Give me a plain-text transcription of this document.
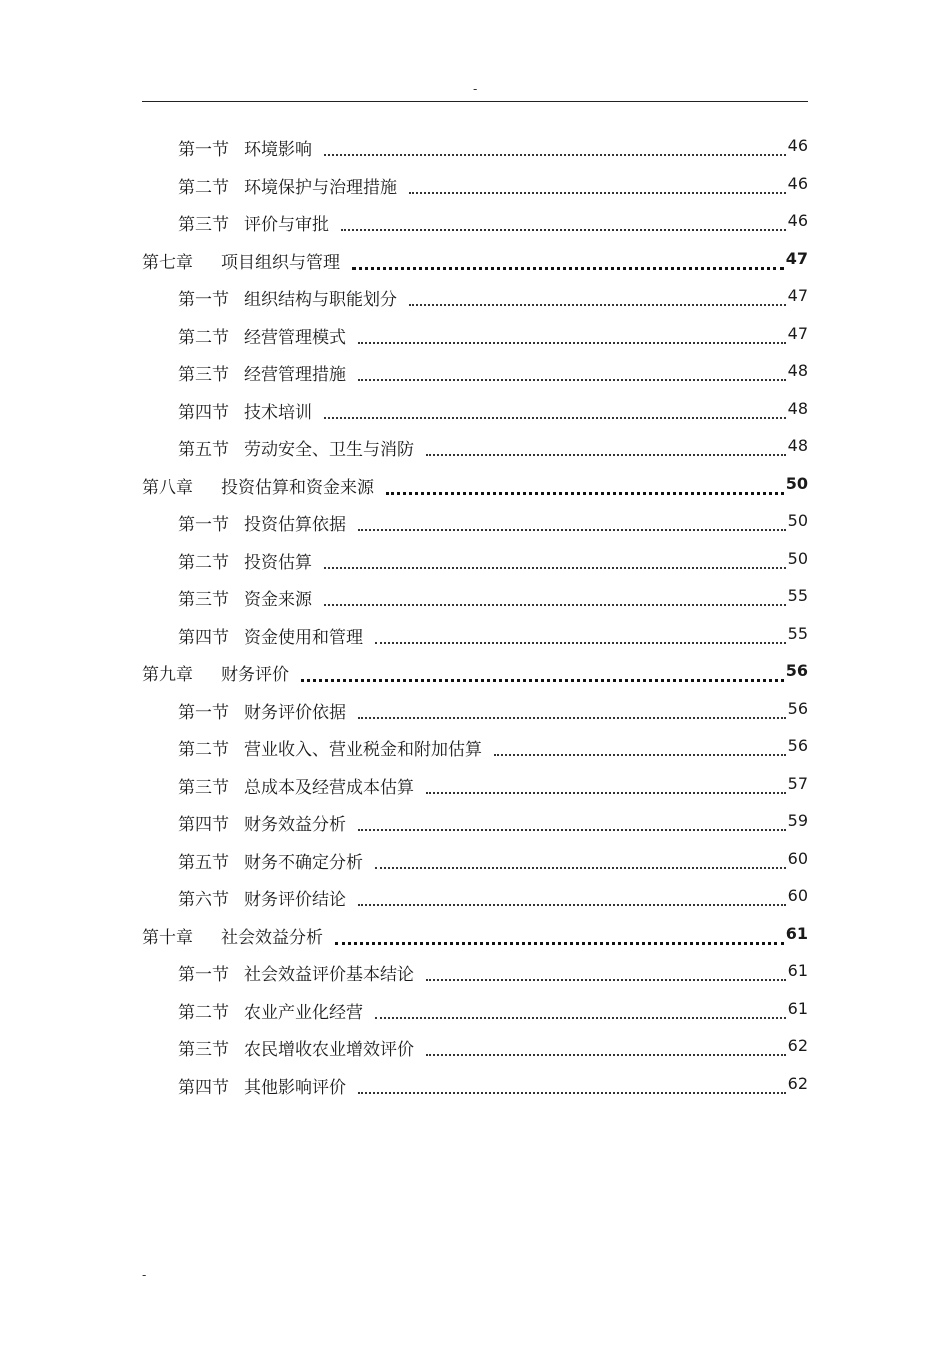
-
第一节 环境影响	46
第二节 环境保护与治理措施	46
第三节 评价与审批	46
第七章 项目组织与管理	47
第一节 组织结构与职能划分	47
第二节 经营管理模式	47
第三节 经营管理措施	48
第四节 技术培训	48
第五节 劳动安全、卫生与消防	48
第八章 投资估算和资金来源	50
第一节 投资估算依据	50
第二节 投资估算	50
第三节 资金来源	55
第四节 资金使用和管理	55
第九章 财务评价	56
第一节 财务评价依据	56
第二节 营业收入、营业税金和附加估算	56
第三节 总成本及经营成本估算	57
第四节 财务效益分析	59
第五节 财务不确定分析	60
第六节 财务评价结论	60
第十章 社会效益分析	61
第一节 社会效益评价基本结论	61
第二节 农业产业化经营	61
第三节 农民增收农业增效评价	62
第四节 其他影响评价	62
-
